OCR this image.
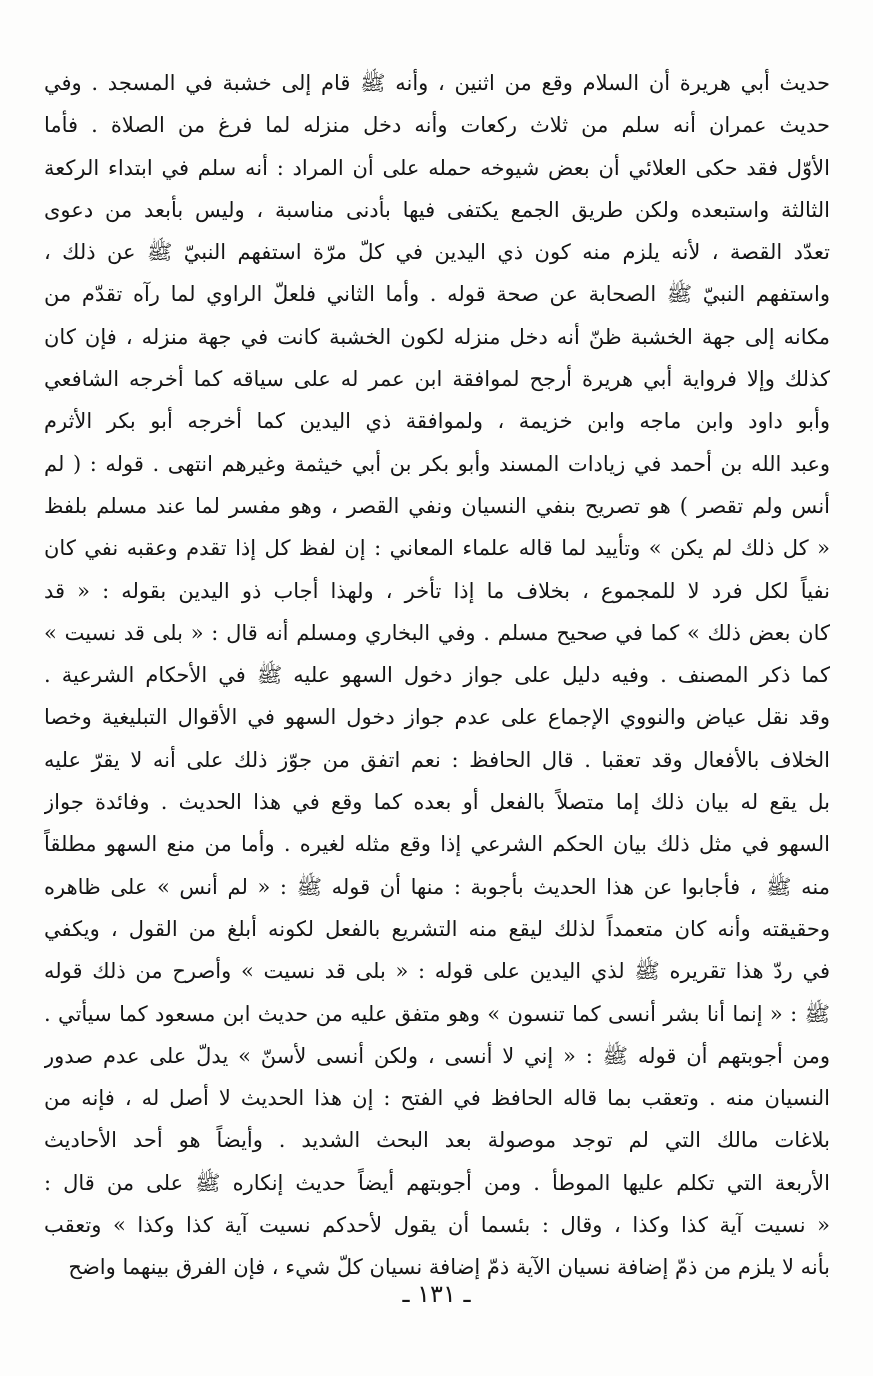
حديث أبي هريرة أن السلام وقع من اثنين ، وأنه ﷺ قام إلى خشبة في المسجد . وفي
حديث عمران أنه سلم من ثلاث ركعات وأنه دخل منزله لما فرغ من الصلاة . فأما
الأوّل فقد حكى العلائي أن بعض شيوخه حمله على أن المراد : أنه سلم في ابتداء الركعة
الثالثة واستبعده ولكن طريق الجمع يكتفى فيها بأدنى مناسبة ، وليس بأبعد من دعوى
تعدّد القصة ، لأنه يلزم منه كون ذي اليدين في كلّ مرّة استفهم النبيّ ﷺ عن ذلك ،
واستفهم النبيّ ﷺ الصحابة عن صحة قوله . وأما الثاني فلعلّ الراوي لما رآه تقدّم من
مكانه إلى جهة الخشبة ظنّ أنه دخل منزله لكون الخشبة كانت في جهة منزله ، فإن كان
كذلك وإلا فرواية أبي هريرة أرجح لموافقة ابن عمر له على سياقه كما أخرجه الشافعي
وأبو داود وابن ماجه وابن خزيمة ، ولموافقة ذي اليدين كما أخرجه أبو بكر الأثرم
وعبد الله بن أحمد في زيادات المسند وأبو بكر بن أبي خيثمة وغيرهم انتهى . قوله : ( لم
أنس ولم تقصر ) هو تصريح بنفي النسيان ونفي القصر ، وهو مفسر لما عند مسلم بلفظ
« كل ذلك لم يكن » وتأييد لما قاله علماء المعاني : إن لفظ كل إذا تقدم وعقبه نفي كان
نفياً لكل فرد لا للمجموع ، بخلاف ما إذا تأخر ، ولهذا أجاب ذو اليدين بقوله : « قد
كان بعض ذلك » كما في صحيح مسلم . وفي البخاري ومسلم أنه قال : « بلى قد نسيت »
كما ذكر المصنف . وفيه دليل على جواز دخول السهو عليه ﷺ في الأحكام الشرعية .
وقد نقل عياض والنووي الإجماع على عدم جواز دخول السهو في الأقوال التبليغية وخصا
الخلاف بالأفعال وقد تعقبا . قال الحافظ : نعم اتفق من جوّز ذلك على أنه لا يقرّ عليه
بل يقع له بيان ذلك إما متصلاً بالفعل أو بعده كما وقع في هذا الحديث . وفائدة جواز
السهو في مثل ذلك بيان الحكم الشرعي إذا وقع مثله لغيره . وأما من منع السهو مطلقاً
منه ﷺ ، فأجابوا عن هذا الحديث بأجوبة : منها أن قوله ﷺ : « لم أنس » على ظاهره
وحقيقته وأنه كان متعمداً لذلك ليقع منه التشريع بالفعل لكونه أبلغ من القول ، ويكفي
في ردّ هذا تقريره ﷺ لذي اليدين على قوله : « بلى قد نسيت » وأصرح من ذلك قوله
ﷺ : « إنما أنا بشر أنسى كما تنسون » وهو متفق عليه من حديث ابن مسعود كما سيأتي .
ومن أجوبتهم أن قوله ﷺ : « إني لا أنسى ، ولكن أنسى لأسنّ » يدلّ على عدم صدور
النسيان منه . وتعقب بما قاله الحافظ في الفتح : إن هذا الحديث لا أصل له ، فإنه من
بلاغات مالك التي لم توجد موصولة بعد البحث الشديد . وأيضاً هو أحد الأحاديث
الأربعة التي تكلم عليها الموطأ . ومن أجوبتهم أيضاً حديث إنكاره ﷺ على من قال :
« نسيت آية كذا وكذا ، وقال : بئسما أن يقول لأحدكم نسيت آية كذا وكذا » وتعقب
بأنه لا يلزم من ذمّ إضافة نسيان الآية ذمّ إضافة نسيان كلّ شيء ، فإن الفرق بينهما واضح
ـ ١٣١ ـ
